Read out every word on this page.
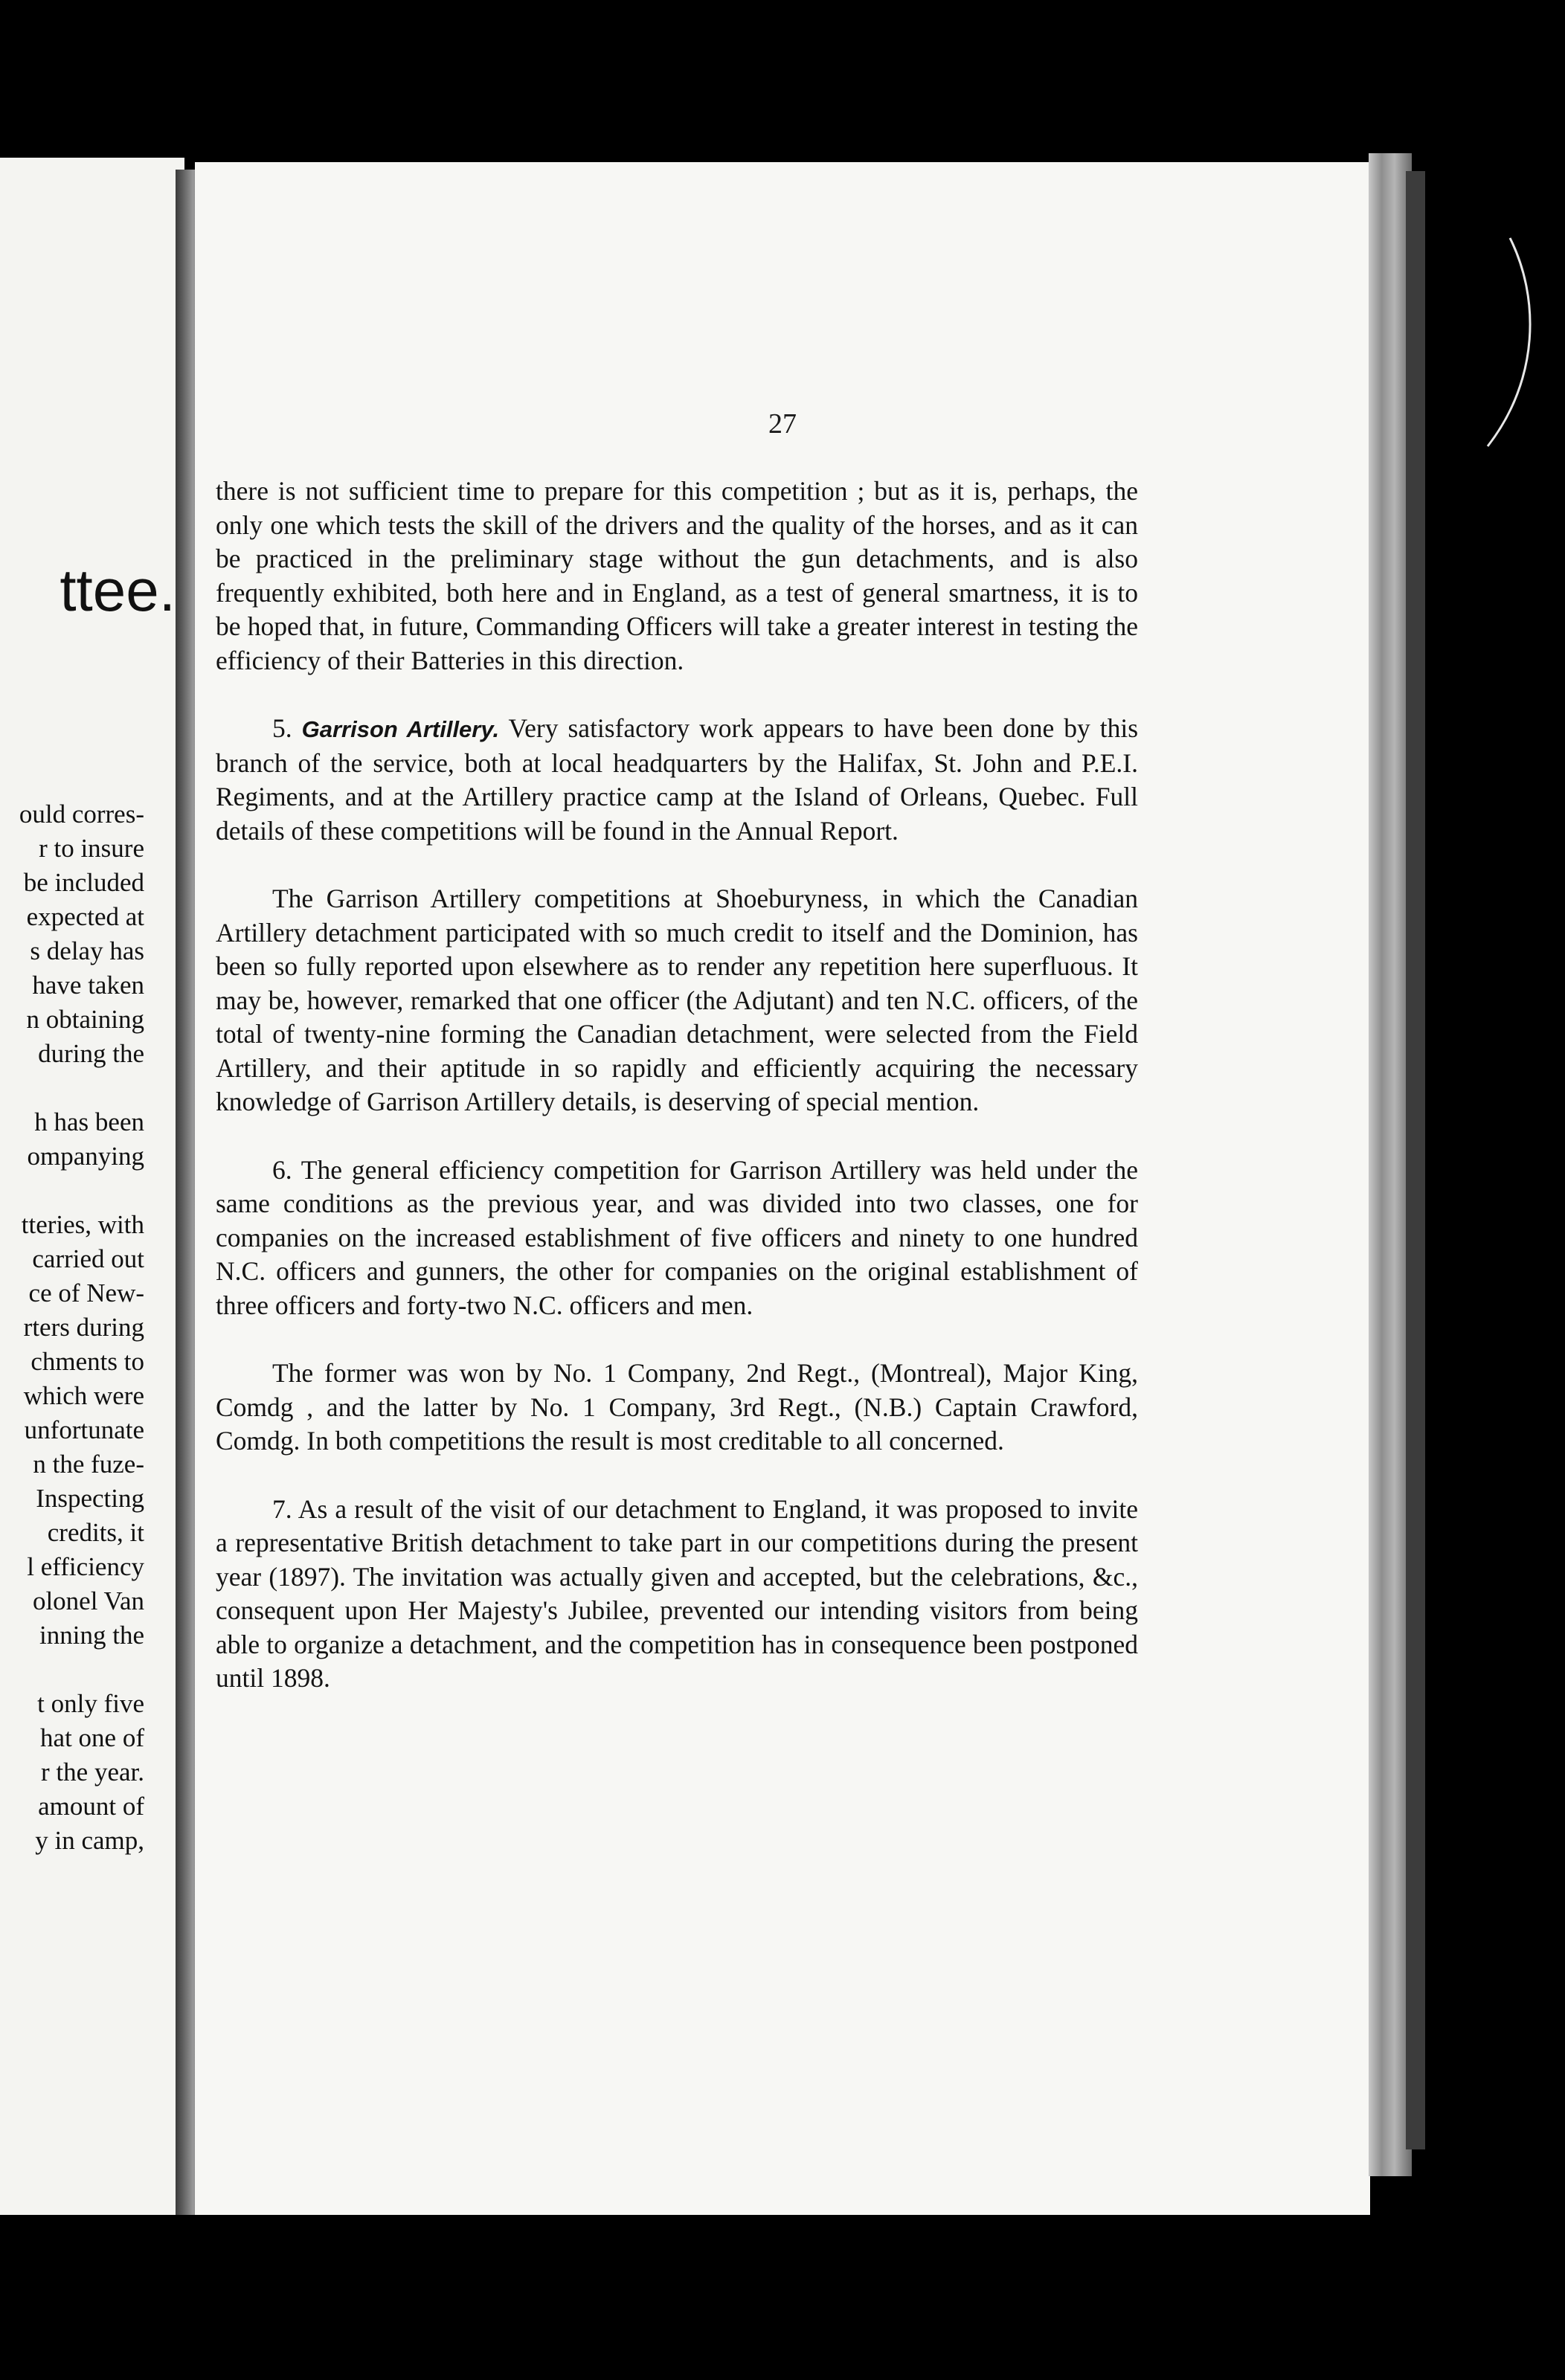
ttee.
ould corres-
r to insure
be included
expected at
s delay has
have taken
n obtaining
during the
h has been
ompanying
tteries, with
carried out
ce of New-
rters during
chments to
which were
unfortunate
n the fuze-
Inspecting
credits, it
l efficiency
olonel Van
inning the
t only five
hat one of
r the year.
amount of
y in camp,
27

there is not sufficient time to prepare for this competition ; but as it is, perhaps, the only one which tests the skill of the drivers and the quality of the horses, and as it can be practiced in the preliminary stage without the gun detachments, and is also frequently exhibited, both here and in England, as a test of general smartness, it is to be hoped that, in future, Commanding Officers will take a greater interest in testing the efficiency of their Batteries in this direction.

5. Garrison Artillery. Very satisfactory work appears to have been done by this branch of the service, both at local headquarters by the Halifax, St. John and P.E.I. Regiments, and at the Artillery practice camp at the Island of Orleans, Quebec. Full details of these competitions will be found in the Annual Report.

The Garrison Artillery competitions at Shoeburyness, in which the Canadian Artillery detachment participated with so much credit to itself and the Dominion, has been so fully reported upon elsewhere as to render any repetition here superfluous. It may be, however, remarked that one officer (the Adjutant) and ten N.C. officers, of the total of twenty-nine forming the Canadian detachment, were selected from the Field Artillery, and their aptitude in so rapidly and efficiently acquiring the necessary knowledge of Garrison Artillery details, is deserving of special mention.

6. The general efficiency competition for Garrison Artillery was held under the same conditions as the previous year, and was divided into two classes, one for companies on the increased establishment of five officers and ninety to one hundred N.C. officers and gunners, the other for companies on the original establishment of three officers and forty-two N.C. officers and men.

The former was won by No. 1 Company, 2nd Regt., (Montreal), Major King, Comdg , and the latter by No. 1 Company, 3rd Regt., (N.B.) Captain Crawford, Comdg. In both competitions the result is most creditable to all concerned.

7. As a result of the visit of our detachment to England, it was proposed to invite a representative British detachment to take part in our competitions during the present year (1897). The invitation was actually given and accepted, but the celebrations, &c., consequent upon Her Majesty's Jubilee, prevented our intending visitors from being able to organize a detachment, and the competition has in consequence been postponed until 1898.
